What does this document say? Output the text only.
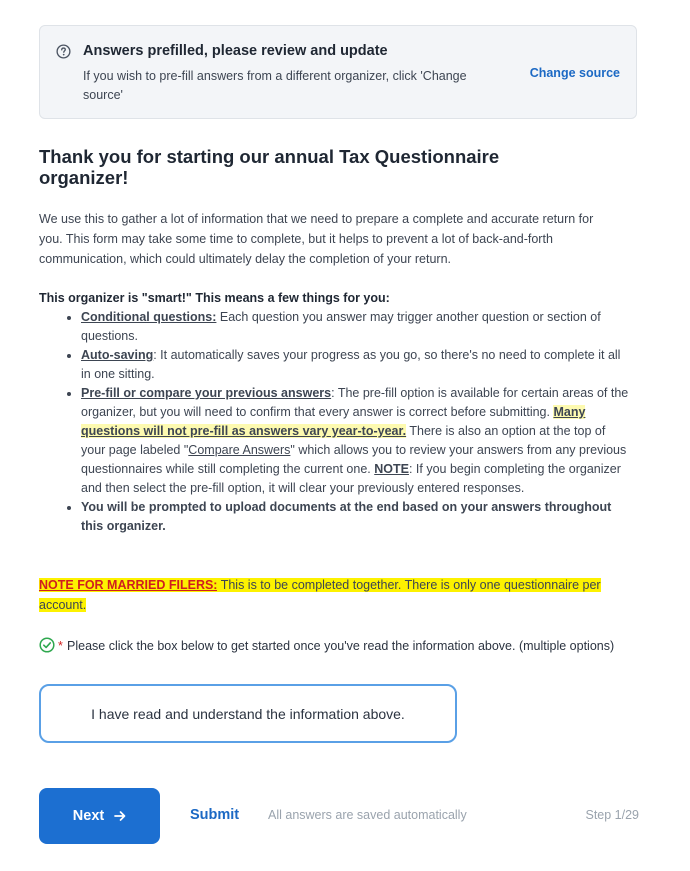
Answers prefilled, please review and update
If you wish to pre-fill answers from a different organizer, click 'Change source'
Change source
Thank you for starting our annual Tax Questionnaire organizer!

We use this to gather a lot of information that we need to prepare a complete and accurate return for you. This form may take some time to complete, but it helps to prevent a lot of back-and-forth communication, which could ultimately delay the completion of your return.

This organizer is "smart!" This means a few things for you:
• Conditional questions: Each question you answer may trigger another question or section of questions.
• Auto-saving: It automatically saves your progress as you go, so there's no need to complete it all in one sitting.
• Pre-fill or compare your previous answers: The pre-fill option is available for certain areas of the organizer, but you will need to confirm that every answer is correct before submitting. Many questions will not pre-fill as answers vary year-to-year. There is also an option at the top of your page labeled "Compare Answers" which allows you to review your answers from any previous questionnaires while still completing the current one. NOTE: If you begin completing the organizer and then select the pre-fill option, it will clear your previously entered responses.
• You will be prompted to upload documents at the end based on your answers throughout this organizer.
NOTE FOR MARRIED FILERS: This is to be completed together. There is only one questionnaire per account.
* Please click the box below to get started once you've read the information above. (multiple options)
I have read and understand the information above.
Next	Submit All answers are saved automatically	Step 1/29
